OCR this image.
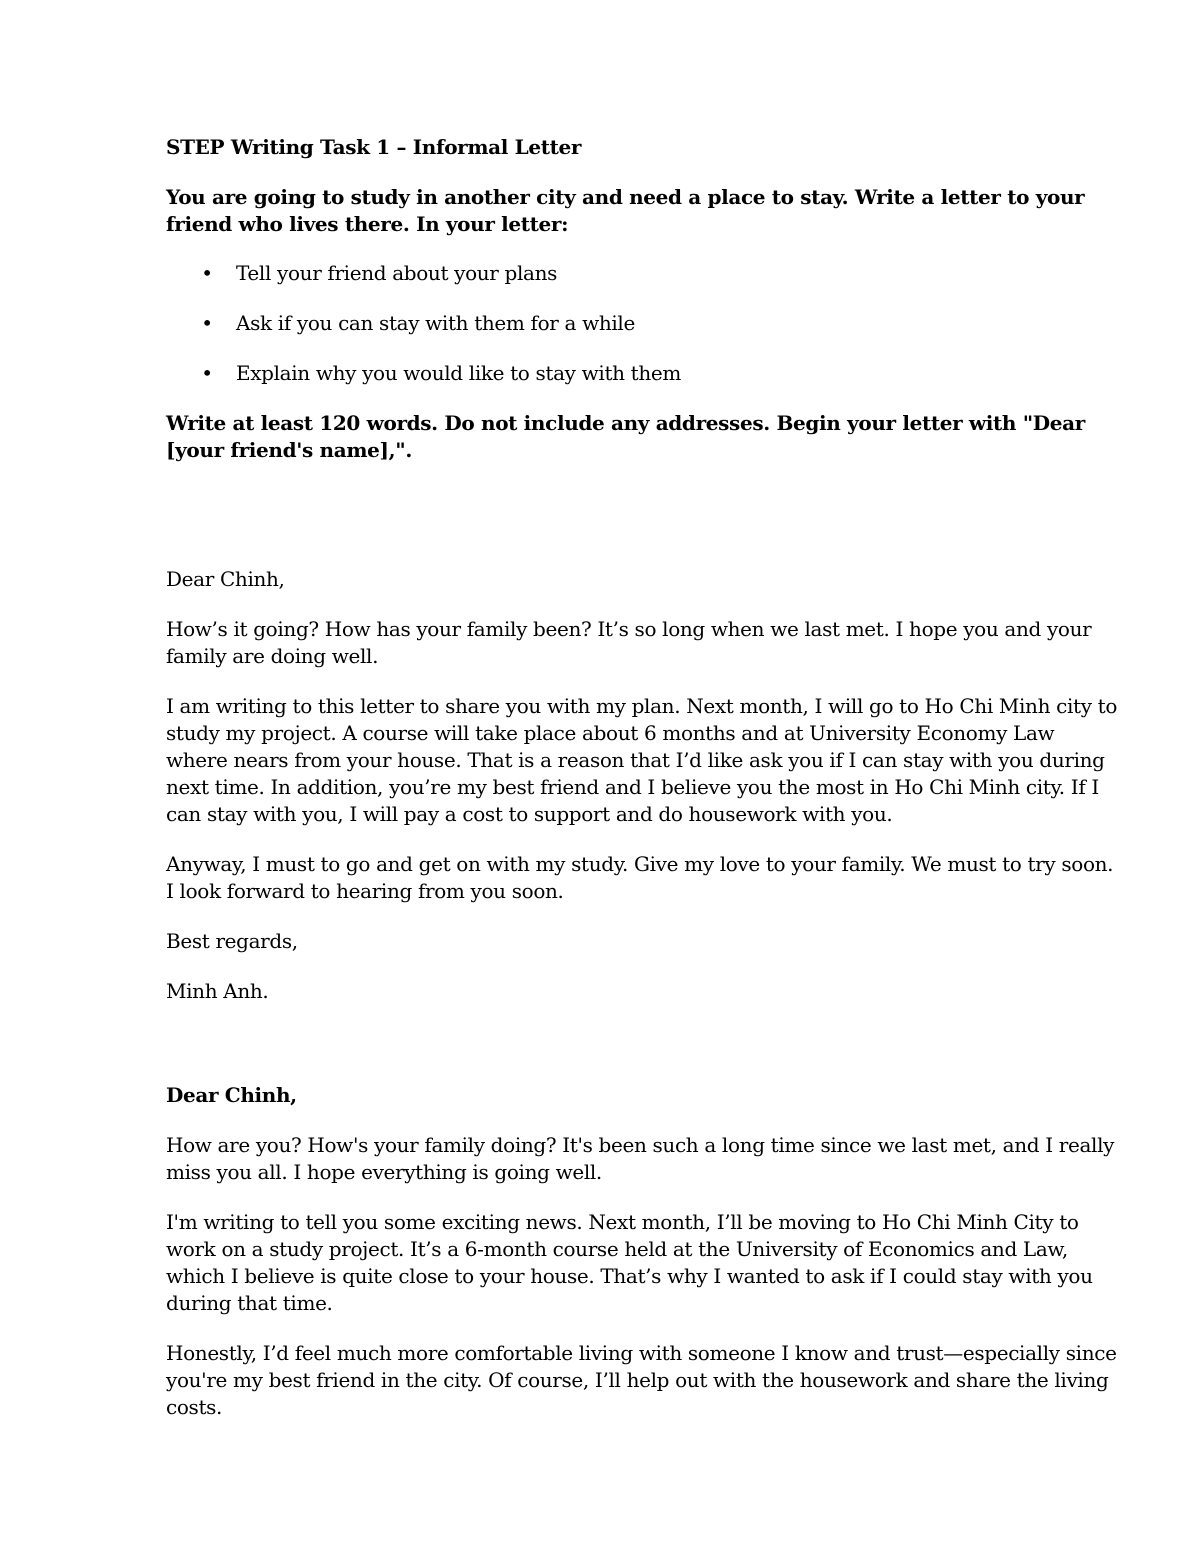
STEP Writing Task 1 – Informal Letter

You are going to study in another city and need a place to stay. Write a letter to your friend who lives there. In your letter:

• Tell your friend about your plans
• Ask if you can stay with them for a while
• Explain why you would like to stay with them

Write at least 120 words. Do not include any addresses. Begin your letter with "Dear [your friend's name],".

Dear Chinh,

How’s it going? How has your family been? It’s so long when we last met. I hope you and your family are doing well.

I am writing to this letter to share you with my plan. Next month, I will go to Ho Chi Minh city to study my project. A course will take place about 6 months and at University Economy Law where nears from your house. That is a reason that I’d like ask you if I can stay with you during next time. In addition, you’re my best friend and I believe you the most in Ho Chi Minh city. If I can stay with you, I will pay a cost to support and do housework with you.

Anyway, I must to go and get on with my study. Give my love to your family. We must to try soon. I look forward to hearing from you soon.

Best regards,

Minh Anh.

Dear Chinh,

How are you? How's your family doing? It's been such a long time since we last met, and I really miss you all. I hope everything is going well.

I'm writing to tell you some exciting news. Next month, I’ll be moving to Ho Chi Minh City to work on a study project. It’s a 6-month course held at the University of Economics and Law, which I believe is quite close to your house. That’s why I wanted to ask if I could stay with you during that time.

Honestly, I’d feel much more comfortable living with someone I know and trust—especially since you're my best friend in the city. Of course, I’ll help out with the housework and share the living costs.
